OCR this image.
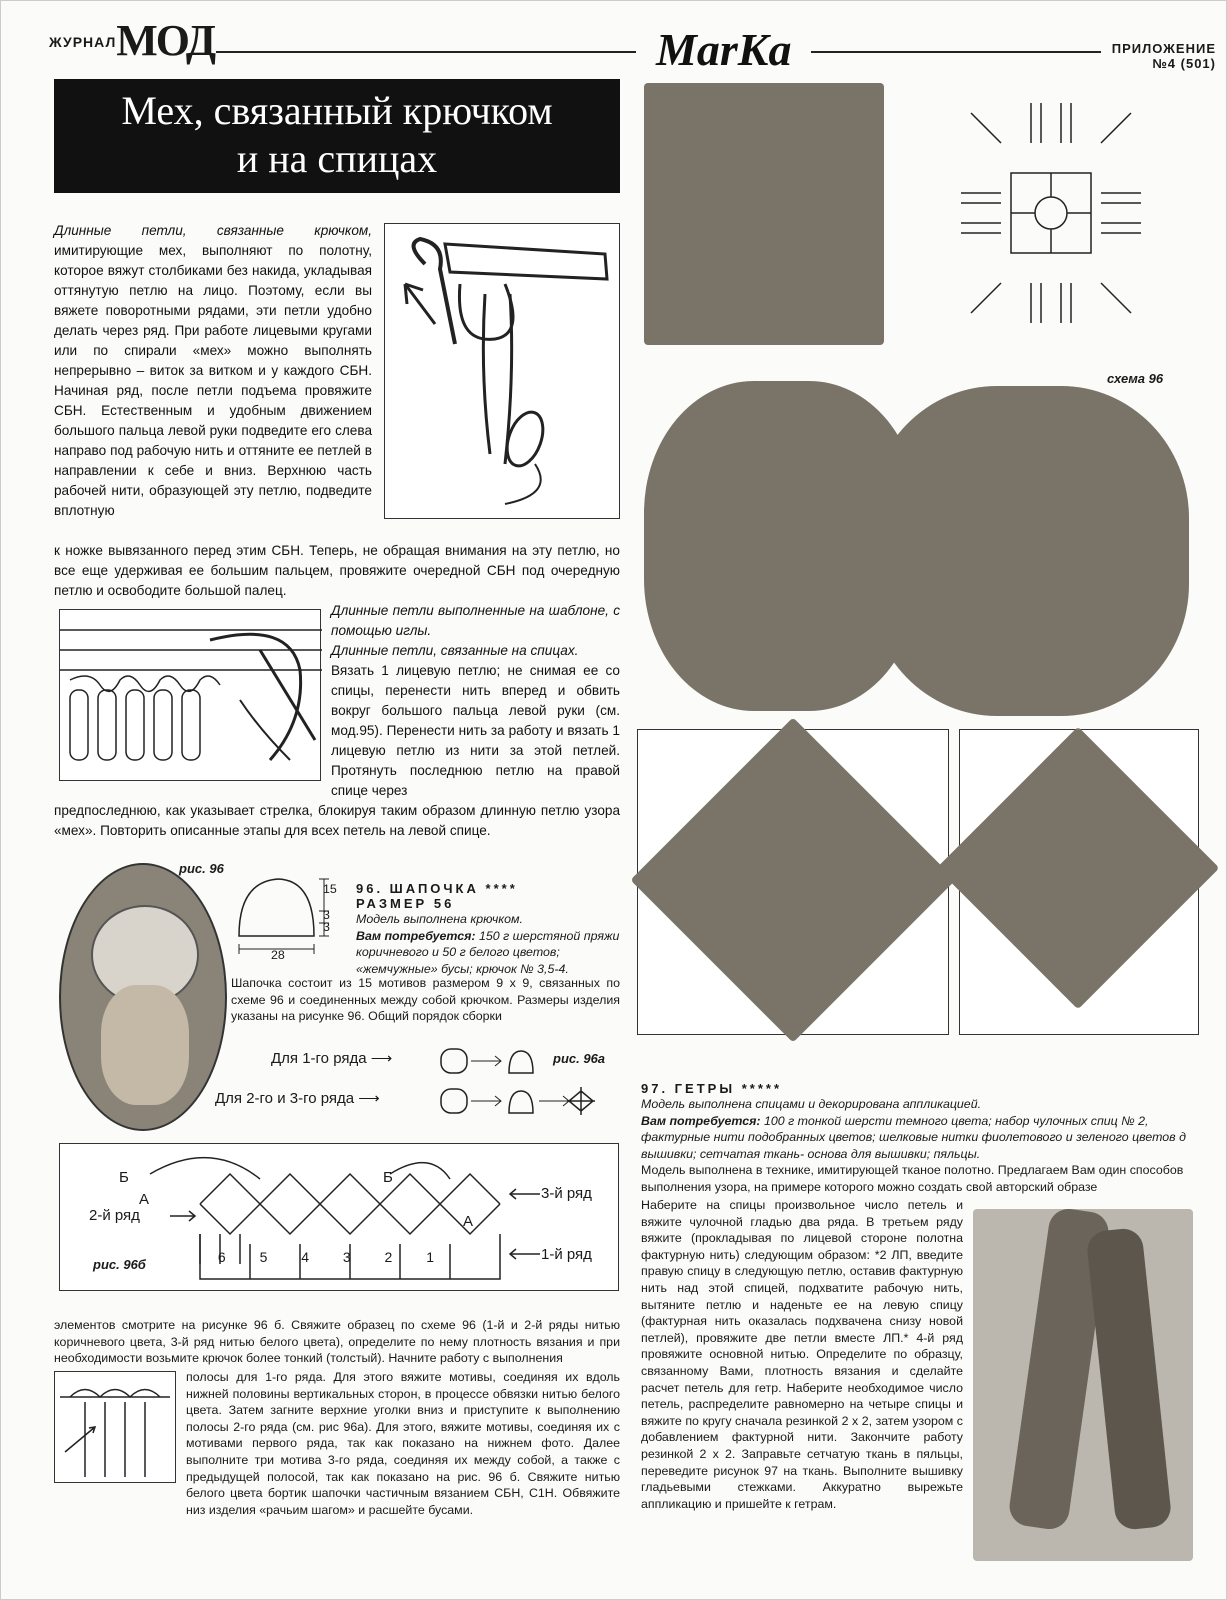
ЖУРНАЛМОД	MarKa	ПРИЛОЖЕНИЕ
№4 (501)
Мех, связанный крючком
и на спицах
Длинные петли, связанные крючком, имитирующие мех, выполняют по полотну, которое вяжут столбиками без накида, укладывая оттянутую петлю на лицо. Поэтому, если вы вяжете поворотными рядами, эти петли удобно делать через ряд. При работе лицевыми кругами или по спирали «мех» можно выполнять непрерывно – виток за витком и у каждого СБН. Начиная ряд, после петли подъема провяжите СБН. Естественным и удобным движением большого пальца левой руки подведите его слева направо под рабочую нить и оттяните ее петлей в направлении к себе и вниз. Верхнюю часть рабочей нити, образующей эту петлю, подведите вплотную
к ножке вывязанного перед этим СБН. Теперь, не обращая внимания на эту петлю, но все еще удерживая ее большим пальцем, провяжите очередной СБН под очередную петлю и освободите большой палец.
Длинные петли выполненные на шаблоне, с помощью иглы.
Длинные петли, связанные на спицах.
Вязать 1 лицевую петлю; не снимая ее со спицы, перенести нить вперед и обвить вокруг большого пальца левой руки (см. мод.95). Перенести нить за работу и вязать 1 лицевую петлю из нити за этой петлей. Протянуть последнюю петлю на правой спице через
предпоследнюю, как указывает стрелка, блокируя таким образом длинную петлю узора «мех». Повторить описанные этапы для всех петель на левой спице.
рис. 96
15
3
3
28
96. ШАПОЧКА ****
РАЗМЕР 56
Модель выполнена крючком.
Вам потребуется: 150 г шерстяной пряжи коричневого и 50 г белого цветов; «жемчужные» бусы; крючок № 3,5-4.
Шапочка состоит из 15 мотивов размером 9 х 9, связанных по схеме 96 и соединенных между собой крючком. Размеры изделия указаны на рисунке 96. Общий порядок сборки
Для 1-го ряда ⟶
Для 2-го и 3-го ряда ⟶
рис. 96а
Б
А
Б
А
3-й ряд
2-й ряд
1-й ряд
6 5 4 3 2 1
рис. 96б
элементов смотрите на рисунке 96 б. Свяжите образец по схеме 96 (1-й и 2-й ряды нитью коричневого цвета, 3-й ряд нитью белого цвета), определите по нему плотность вязания и при необходимости возьмите крючок более тонкий (толстый). Начните работу с выполнения
полосы для 1-го ряда. Для этого вяжите мотивы, соединяя их вдоль нижней половины вертикальных сторон, в процессе обвязки нитью белого цвета. Затем загните верхние уголки вниз и приступите к выполнению полосы 2-го ряда (см. рис 96а). Для этого, вяжите мотивы, соединяя их с мотивами первого ряда, так как показано на нижнем фото. Далее выполните три мотива 3-го ряда, соединяя их между собой, а также с предыдущей полосой, так как показано на рис. 96 б. Свяжите нитью белого цвета бортик шапочки частичным вязанием СБН, С1Н. Обвяжите низ изделия «рачьим шагом» и расшейте бусами.
схема 96
97. ГЕТРЫ *****
Модель выполнена спицами и декорирована аппликацией.
Вам потребуется: 100 г тонкой шерсти темного цвета; набор чулочных спиц № 2, фактурные нити подобранных цветов; шелковые нитки фиолетового и зеленого цветов д вышивки; сетчатая ткань- основа для вышивки; пяльцы.
Модель выполнена в технике, имитирующей тканое полотно. Предлагаем Вам один способов выполнения узора, на примере которого можно создать свой авторский образе
Наберите на спицы произвольное число петель и вяжите чулочной гладью два ряда. В третьем ряду вяжите (прокладывая по лицевой стороне полотна фактурную нить) следующим образом: *2 ЛП, введите правую спицу в следующую петлю, оставив фактурную нить над этой спицей, подхватите рабочую нить, вытяните петлю и наденьте ее на левую спицу (фактурная нить оказалась подхвачена снизу новой петлей), провяжите две петли вместе ЛП.* 4-й ряд провяжите основной нитью. Определите по образцу, связанному Вами, плотность вязания и сделайте расчет петель для гетр. Наберите необходимое число петель, распределите равномерно на четыре спицы и вяжите по кругу сначала резинкой 2 х 2, затем узором с добавлением фактурной нити. Закончите работу резинкой 2 х 2. Заправьте сетчатую ткань в пяльцы, переведите рисунок 97 на ткань. Выполните вышивку гладьевыми стежками. Аккуратно вырежьте аппликацию и пришейте к гетрам.
